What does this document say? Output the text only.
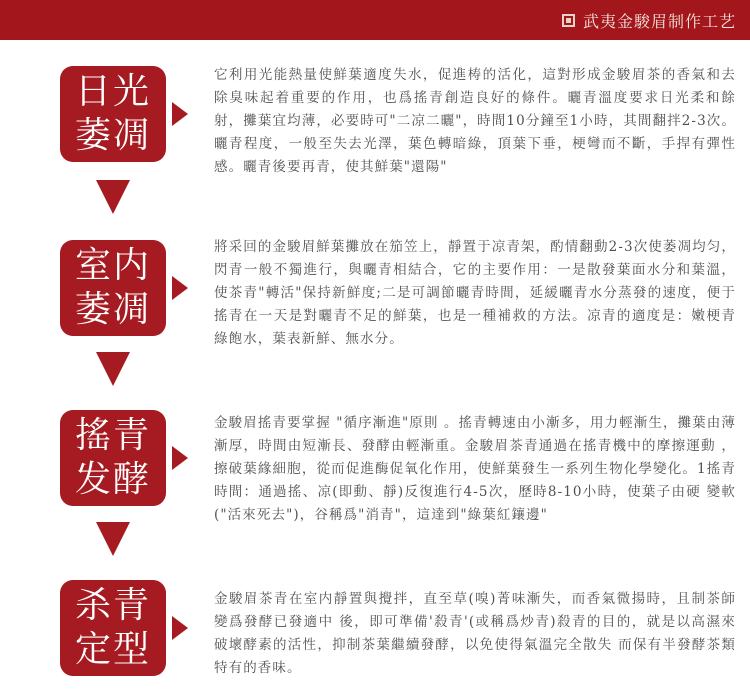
武夷金駿眉制作工艺
日光
萎凋

它利用光能熱量使鮮葉適度失水，促進梼的活化，這對形成金駿眉茶的香氣和去除臭味起着重要的作用，也爲搖青創造良好的條件。曬青溫度要求日光柔和餘射，攤葉宜均薄，必要時可"二凉二曬"，時間10分鐘至1小時，其間翻拌2-3次。曬青程度，一般至失去光澤，葉色轉暗綠，頂葉下垂，梗彎而不斷，手捍有彈性感。曬青後要再青，使其鮮葉"還陽"

室内
萎凋

將采回的金駿眉鮮葉攤放在笳笠上，靜置于凉青架，酌情翻動2-3次使萎凋均匀，閃青一般不獨進行，與曬青相結合，它的主要作用：一是散發葉面水分和葉溫，使茶青"轉活"保持新鮮度;二是可調節曬青時間，延緩曬青水分蒸發的速度，便于搖青在一天是對曬青不足的鮮葉，也是一種補救的方法。凉青的適度是：嫩梗青綠飽水，葉表新鮮、無水分。

搖青
发酵

金駿眉搖青要掌握 "循序漸進"原則 。搖青轉速由小漸多，用力輕漸生，攤葉由薄漸厚，時間由短漸長、發酵由輕漸重。金駿眉茶青通過在搖青機中的摩擦運動 ，擦破葉緣細胞，從而促進酶促氧化作用，使鮮葉發生一系列生物化學變化。1搖青時間：通過搖、凉(即動、靜)反復進行4-5次，歷時8-10小時，使葉子由硬 變軟("活來死去")，谷稱爲"消青"，這達到"綠葉紅鑲邊"

杀青
定型

金駿眉茶青在室内靜置與攪拌，直至草(嗅)菁味漸失，而香氣微揚時，且制茶師變爲發酵已發適中 後，即可準備'殺青'(或稱爲炒青)殺青的目的，就是以高濕來破壞酵素的活性，抑制茶葉繼續發酵，以免使得氣溫完全散失 而保有半發酵茶類特有的香味。
